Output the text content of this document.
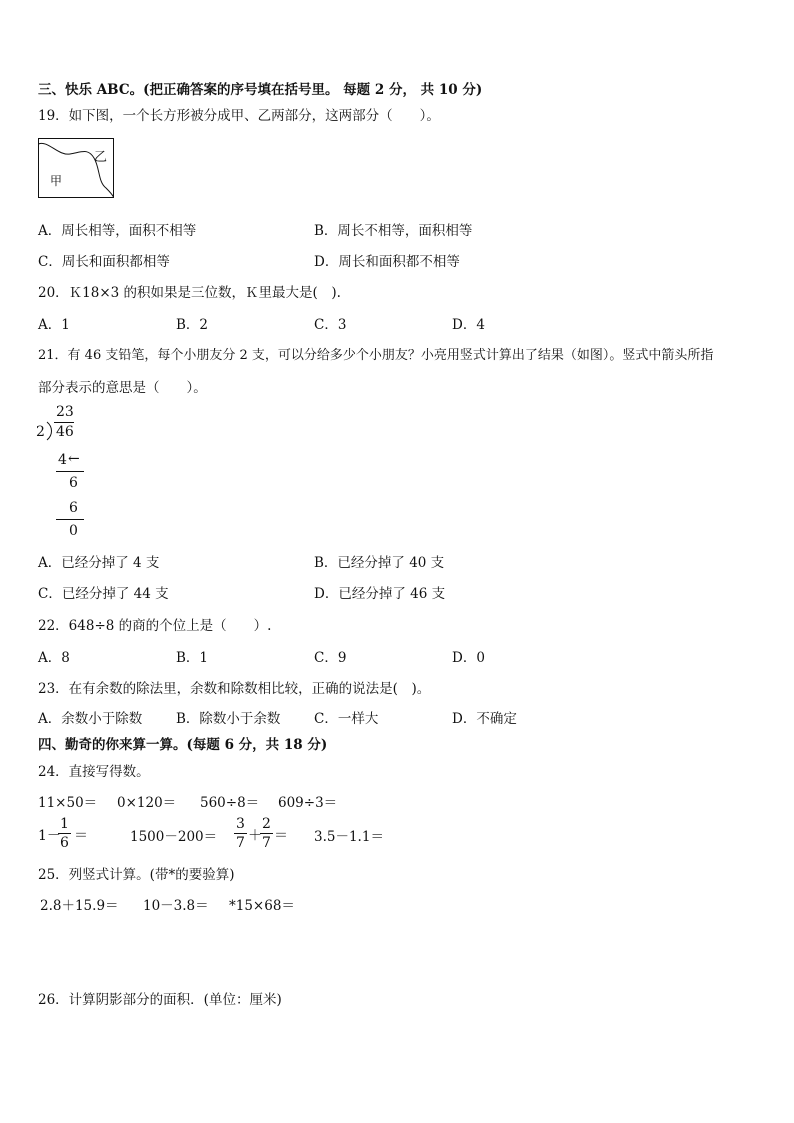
三、快乐 ABC。(把正确答案的序号填在括号里。 每题 2 分， 共 10 分)
19．如下图，一个长方形被分成甲、乙两部分，这两部分（　　）。
乙
甲
A．周长相等，面积不相等	B．周长不相等，面积相等
C．周长和面积都相等	D．周长和面积都不相等
20．Ｋ18×3 的积如果是三位数，Ｋ里最大是(　).
A．1	B．2	C．3	D．4
21．有 46 支铅笔，每个小朋友分 2 支，可以分给多少个小朋友？小亮用竖式计算出了结果（如图）。竖式中箭头所指
部分表示的意思是（　　）。
23
2 46
4 ←
6
6
0
A．已经分掉了 4 支	B．已经分掉了 40 支
C．已经分掉了 44 支	D．已经分掉了 46 支
22．648÷8 的商的个位上是（　　）.
A．8	B．1	C．9	D．0
23．在有余数的除法里，余数和除数相比较，正确的说法是(　)。
A．余数小于除数	B．除数小于余数 C．一样大	D．不确定
四、勤奇的你来算一算。(每题 6 分，共 18 分)
24．直接写得数。
11×50＝ 0×120＝ 560÷8＝ 609÷3＝
1－
$\frac{1}{6}$ ＝	$1500-200= \frac{3}{7}$ ＋
$\frac{2}{7} = 3.5-1.1=$
25．列竖式计算。(带*的要验算)
2.8＋15.9＝ 10－3.8＝ *15×68＝
26．计算阴影部分的面积．(单位：厘米)
